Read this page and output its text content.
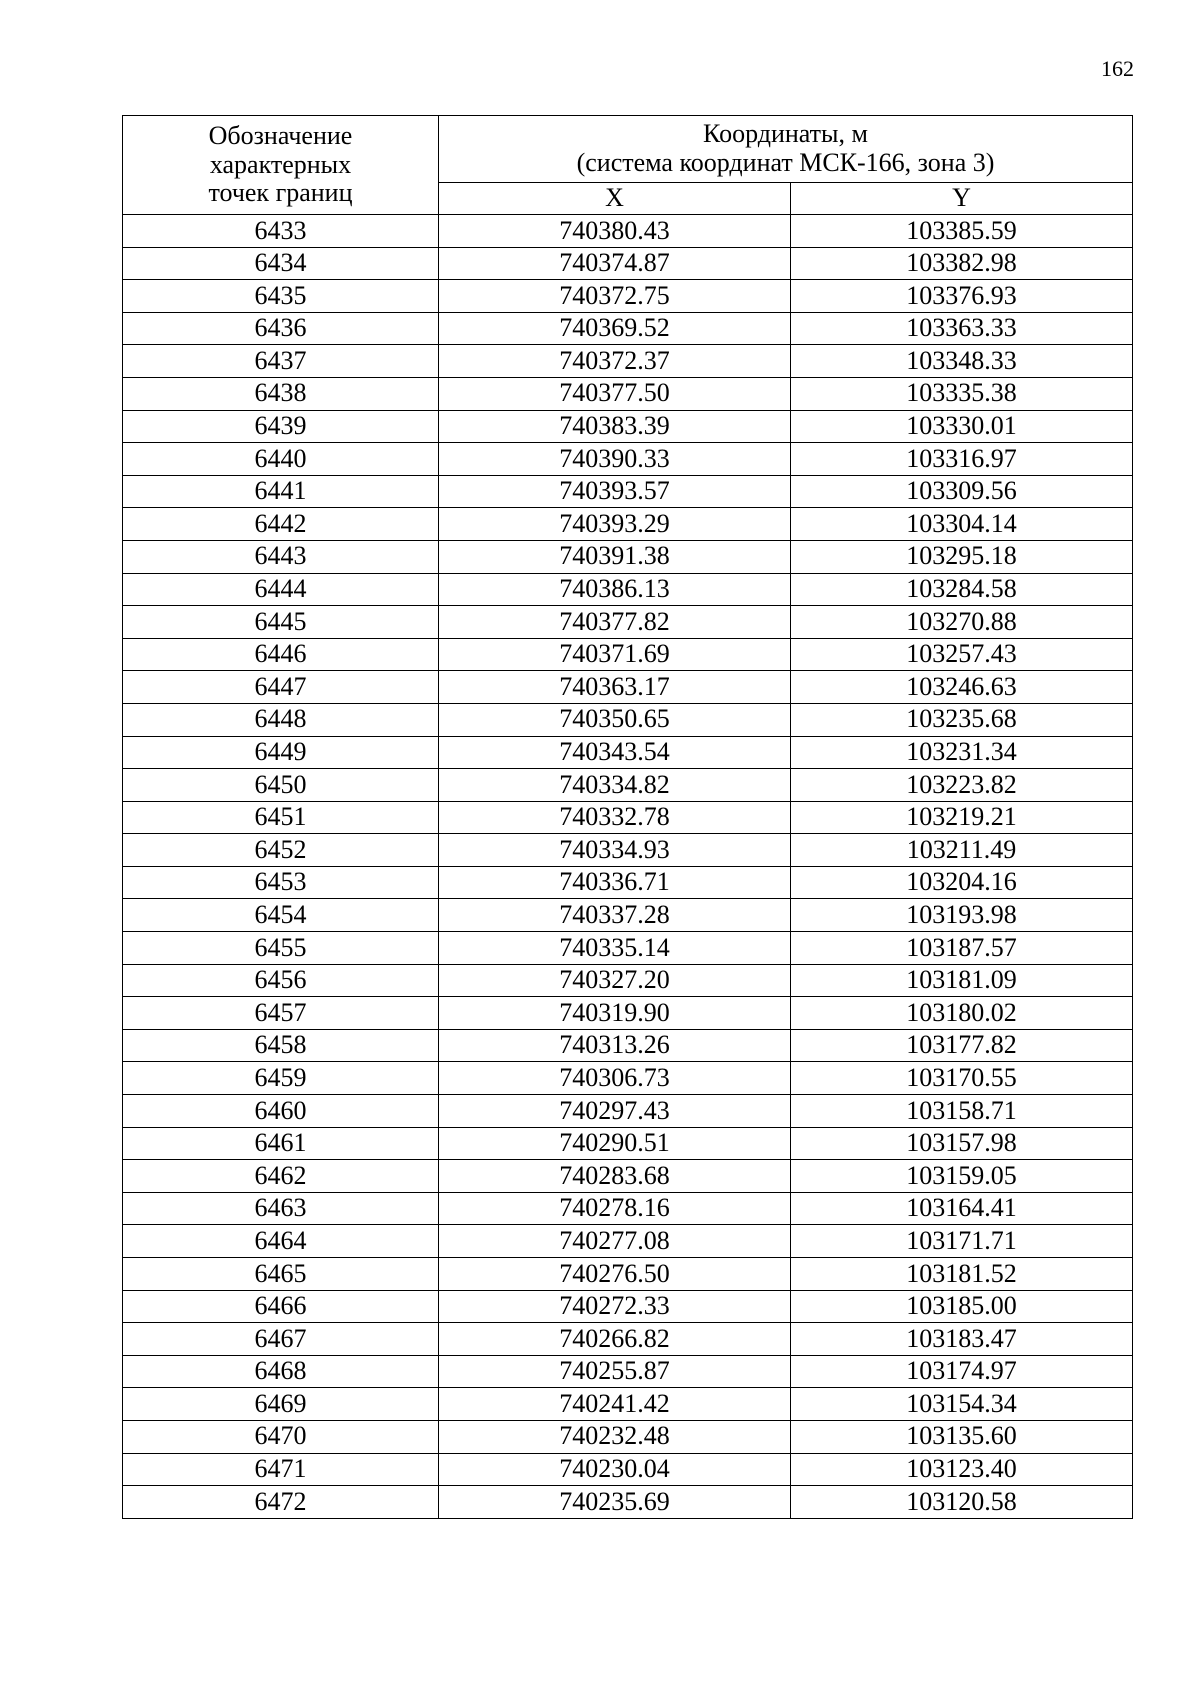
162
Обозначение
характерных
точек границ	Координаты, м
(система координат МСК-166, зона 3)	

	X	Y
6433	740380.43	103385.59
6434	740374.87	103382.98
6435	740372.75	103376.93
6436	740369.52	103363.33
6437	740372.37	103348.33
6438	740377.50	103335.38
6439	740383.39	103330.01
6440	740390.33	103316.97
6441	740393.57	103309.56
6442	740393.29	103304.14
6443	740391.38	103295.18
6444	740386.13	103284.58
6445	740377.82	103270.88
6446	740371.69	103257.43
6447	740363.17	103246.63
6448	740350.65	103235.68
6449	740343.54	103231.34
6450	740334.82	103223.82
6451	740332.78	103219.21
6452	740334.93	103211.49
6453	740336.71	103204.16
6454	740337.28	103193.98
6455	740335.14	103187.57
6456	740327.20	103181.09
6457	740319.90	103180.02
6458	740313.26	103177.82
6459	740306.73	103170.55
6460	740297.43	103158.71
6461	740290.51	103157.98
6462	740283.68	103159.05
6463	740278.16	103164.41
6464	740277.08	103171.71
6465	740276.50	103181.52
6466	740272.33	103185.00
6467	740266.82	103183.47
6468	740255.87	103174.97
6469	740241.42	103154.34
6470	740232.48	103135.60
6471	740230.04	103123.40
6472	740235.69	103120.58
